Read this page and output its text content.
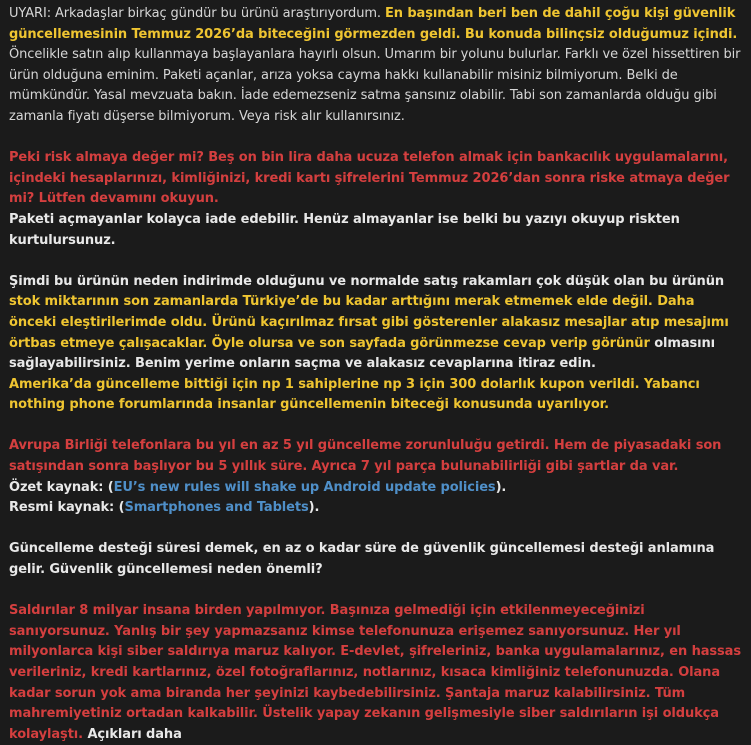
UYARI: Arkadaşlar birkaç gündür bu ürünü araştırıyordum. En başından beri ben de dahil çoğu kişi güvenlik güncellemesinin Temmuz 2026’da biteceğini görmezden geldi. Bu konuda bilinçsiz olduğumuz içindi. Öncelikle satın alıp kullanmaya başlayanlara hayırlı olsun. Umarım bir yolunu bulurlar. Farklı ve özel hissettiren bir ürün olduğuna eminim. Paketi açanlar, arıza yoksa cayma hakkı kullanabilir misiniz bilmiyorum. Belki de mümkündür. Yasal mevzuata bakın. İade edemezseniz satma şansınız olabilir. Tabi son zamanlarda olduğu gibi zamanla fiyatı düşerse bilmiyorum. Veya risk alır kullanırsınız.

Peki risk almaya değer mi? Beş on bin lira daha ucuza telefon almak için bankacılık uygulamalarını, içindeki hesaplarınızı, kimliğinizi, kredi kartı şifrelerini Temmuz 2026’dan sonra riske atmaya değer mi? Lütfen devamını okuyun.

Paketi açmayanlar kolayca iade edebilir. Henüz almayanlar ise belki bu yazıyı okuyup riskten kurtulursunuz.

Şimdi bu ürünün neden indirimde olduğunu ve normalde satış rakamları çok düşük olan bu ürünün stok miktarının son zamanlarda Türkiye’de bu kadar arttığını merak etmemek elde değil. Daha önceki eleştirilerimde oldu. Ürünü kaçırılmaz fırsat gibi gösterenler alakasız mesajlar atıp mesajımı örtbas etmeye çalışacaklar. Öyle olursa ve son sayfada görünmezse cevap verip görünür olmasını sağlayabilirsiniz. Benim yerime onların saçma ve alakasız cevaplarına itiraz edin.

Amerika’da güncelleme bittiği için np 1 sahiplerine np 3 için 300 dolarlık kupon verildi. Yabancı nothing phone forumlarında insanlar güncellemenin biteceği konusunda uyarılıyor.

Avrupa Birliği telefonlara bu yıl en az 5 yıl güncelleme zorunluluğu getirdi. Hem de piyasadaki son satışından sonra başlıyor bu 5 yıllık süre. Ayrıca 7 yıl parça bulunabilirliği gibi şartlar da var.

Özet kaynak: (EU’s new rules will shake up Android update policies).

Resmi kaynak: (Smartphones and Tablets).

Güncelleme desteği süresi demek, en az o kadar süre de güvenlik güncellemesi desteği anlamına gelir. Güvenlik güncellemesi neden önemli?

Saldırılar 8 milyar insana birden yapılmıyor. Başınıza gelmediği için etkilenmeyeceğinizi sanıyorsunuz. Yanlış bir şey yapmazsanız kimse telefonunuza erişemez sanıyorsunuz. Her yıl milyonlarca kişi siber saldırıya maruz kalıyor. E-devlet, şifreleriniz, banka uygulamalarınız, en hassas verileriniz, kredi kartlarınız, özel fotoğraflarınız, notlarınız, kısaca kimliğiniz telefonunuzda. Olana kadar sorun yok ama biranda her şeyinizi kaybedebilirsiniz. Şantaja maruz kalabilirsiniz. Tüm mahremiyetiniz ortadan kalkabilir. Üstelik yapay zekanın gelişmesiyle siber saldırıların işi oldukça kolaylaştı. Açıkları daha
